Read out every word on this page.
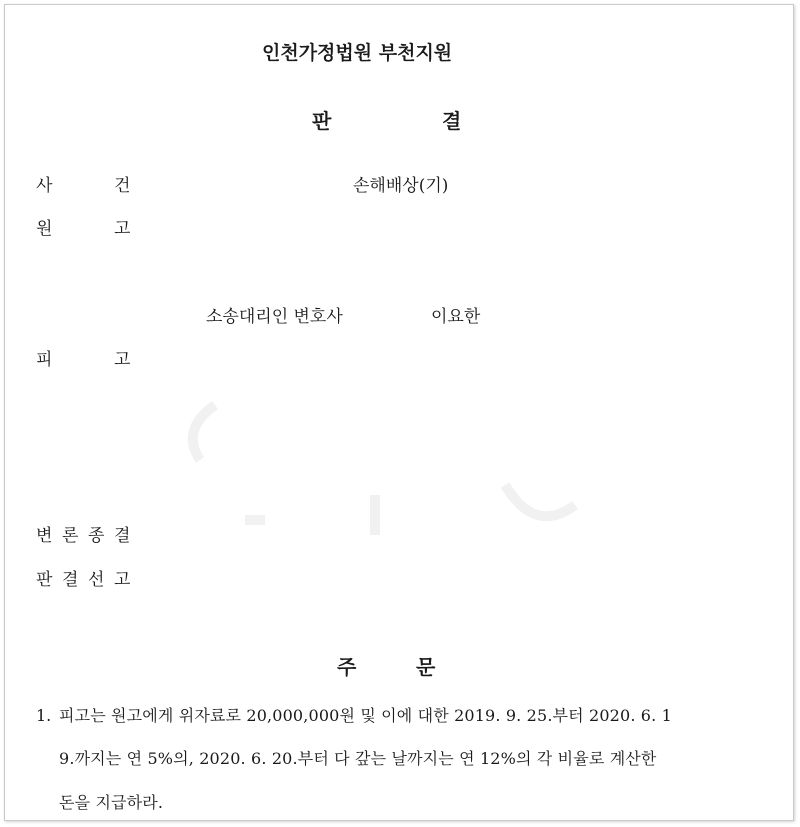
인천가정법원 부천지원
판	결
사	건	손해배상(기)
원	고
소송대리인 변호사	이요한
피	고
변 론 종 결
판 결 선 고
주	문
1. 피고는 원고에게 위자료로 20,000,000원 및 이에 대한 2019. 9. 25.부터 2020. 6. 1
9.까지는 연 5%의, 2020. 6. 20.부터 다 갚는 날까지는 연 12%의 각 비율로 계산한
돈을 지급하라.
